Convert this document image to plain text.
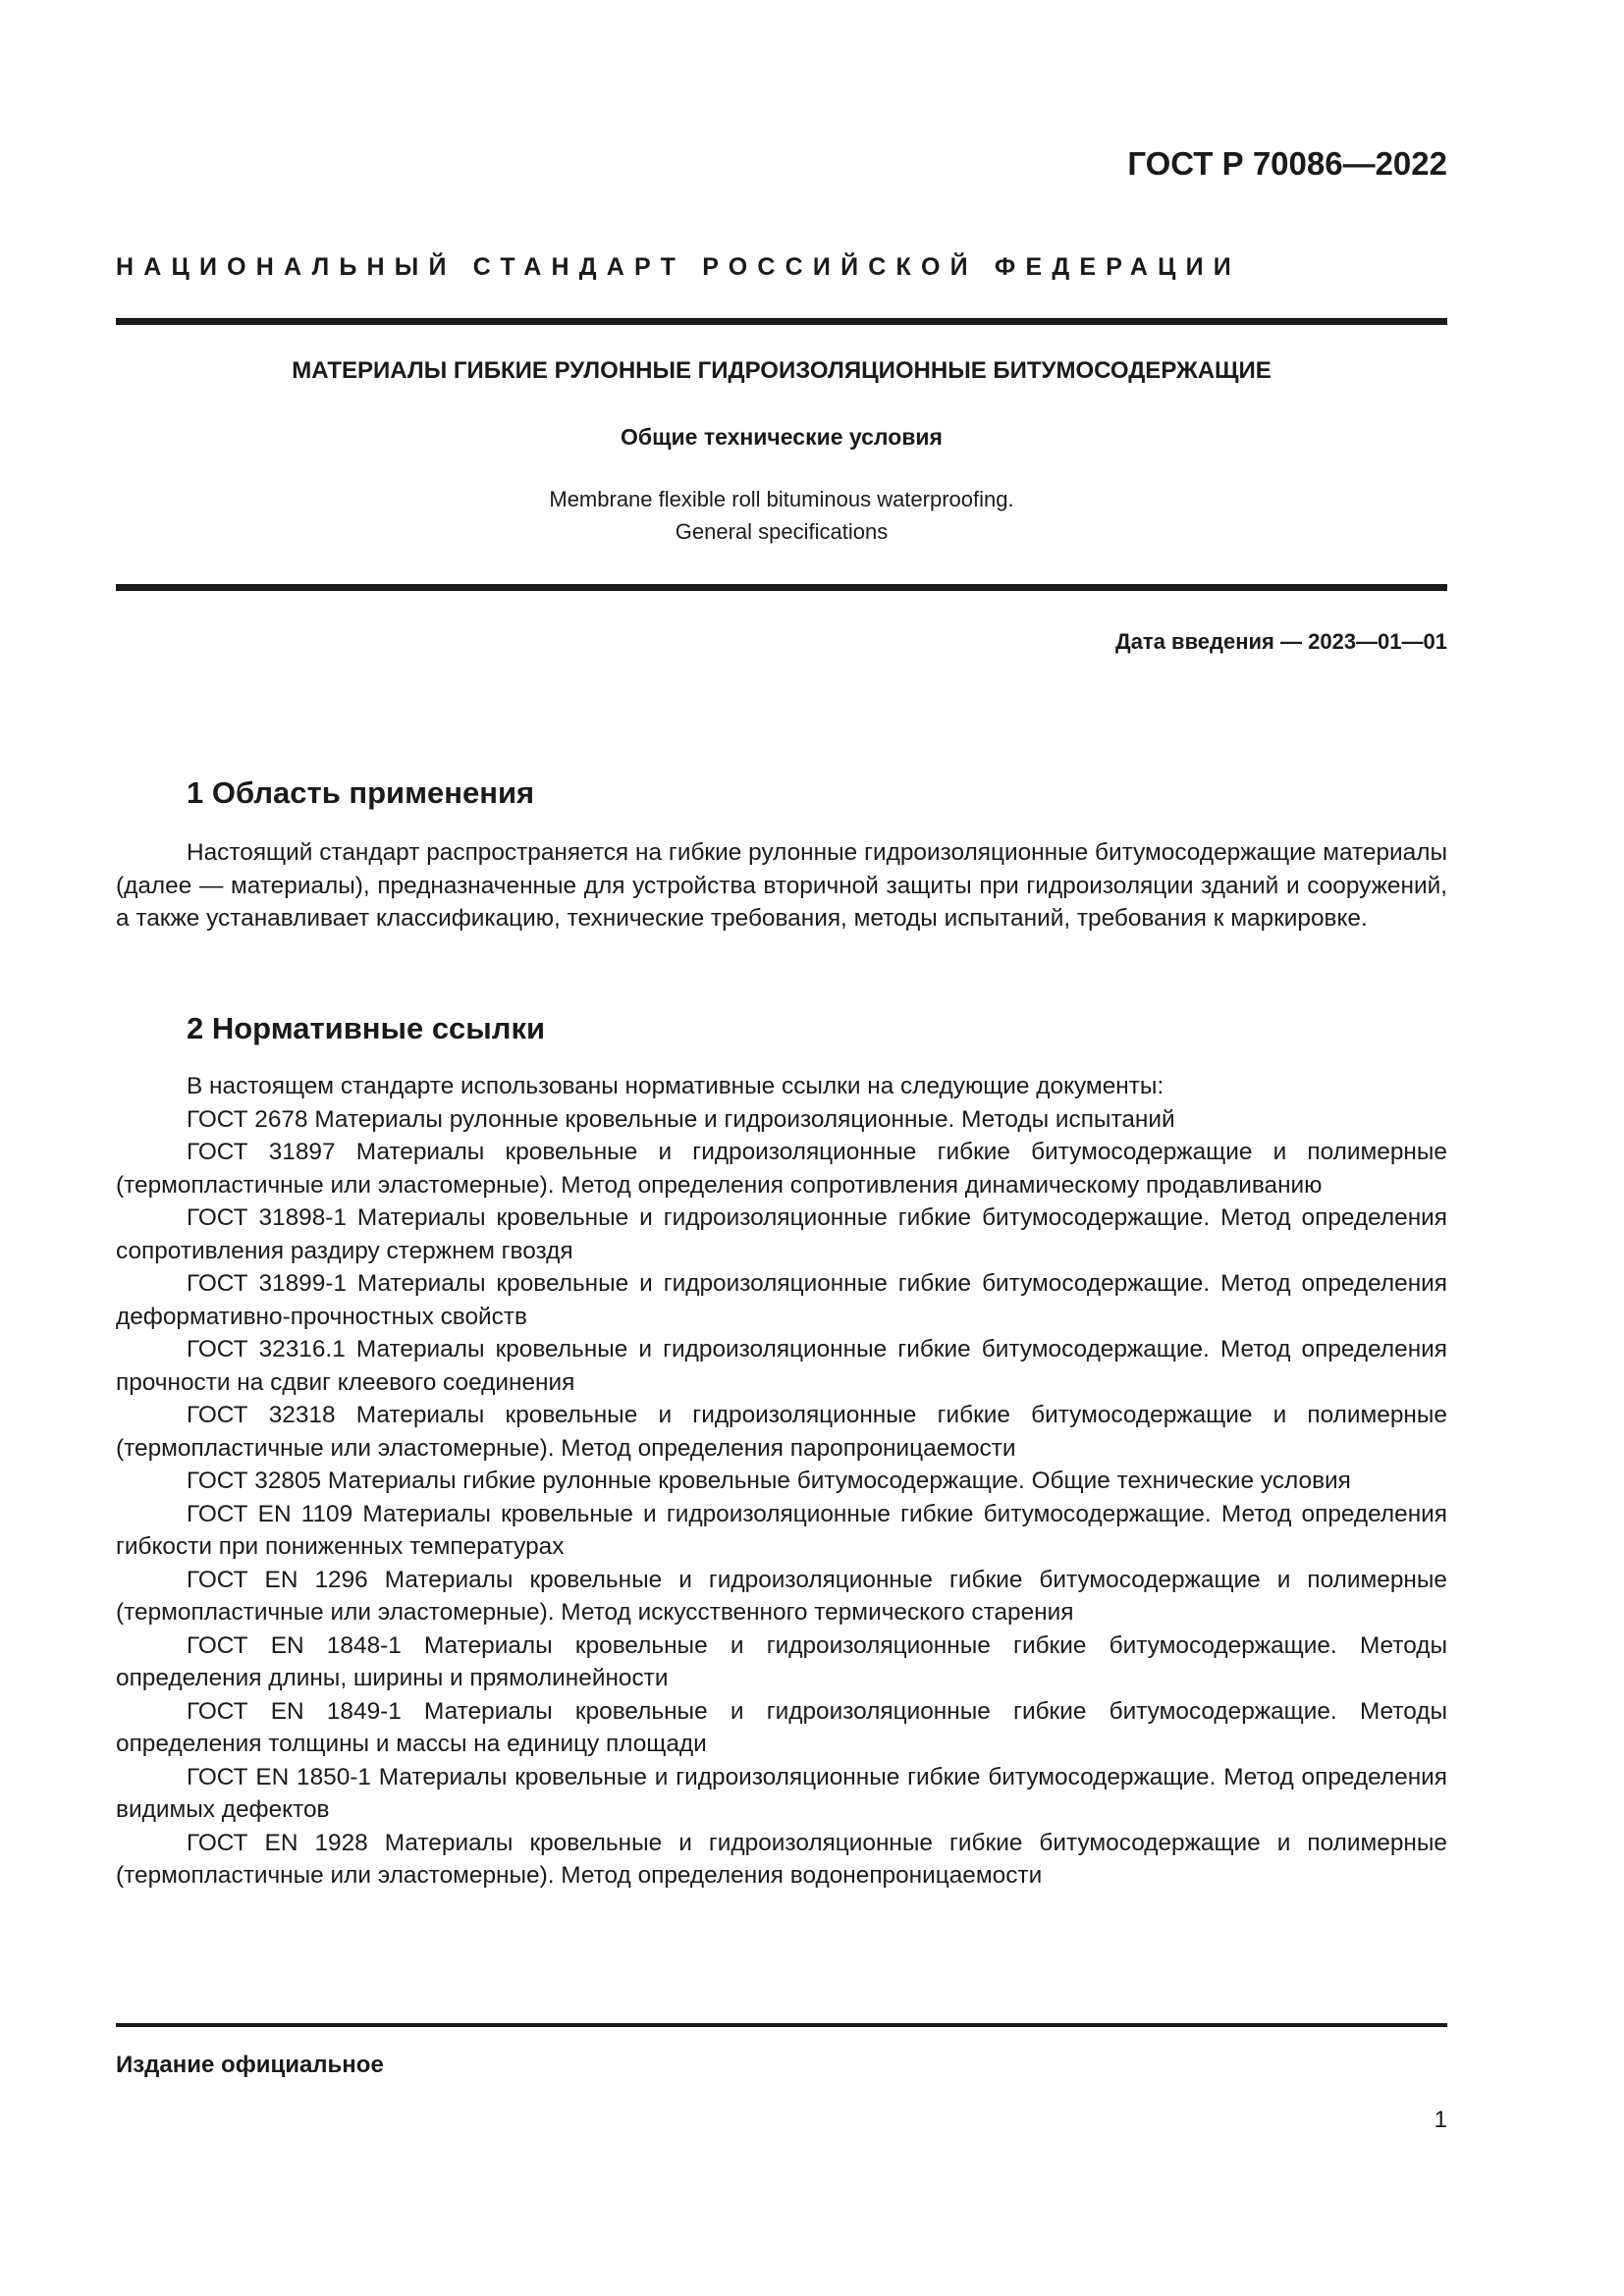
ГОСТ Р 70086—2022
НАЦИОНАЛЬНЫЙ СТАНДАРТ РОССИЙСКОЙ ФЕДЕРАЦИИ
МАТЕРИАЛЫ ГИБКИЕ РУЛОННЫЕ ГИДРОИЗОЛЯЦИОННЫЕ БИТУМОСОДЕРЖАЩИЕ
Общие технические условия
Membrane flexible roll bituminous waterproofing.
General specifications
Дата введения — 2023—01—01
1 Область применения

Настоящий стандарт распространяется на гибкие рулонные гидроизоляционные битумосодержащие материалы (далее — материалы), предназначенные для устройства вторичной защиты при гидроизоляции зданий и сооружений, а также устанавливает классификацию, технические требования, методы испытаний, требования к маркировке.

2 Нормативные ссылки

В настоящем стандарте использованы нормативные ссылки на следующие документы:

ГОСТ 2678 Материалы рулонные кровельные и гидроизоляционные. Методы испытаний

ГОСТ 31897 Материалы кровельные и гидроизоляционные гибкие битумосодержащие и полимерные (термопластичные или эластомерные). Метод определения сопротивления динамическому продавливанию

ГОСТ 31898-1 Материалы кровельные и гидроизоляционные гибкие битумосодержащие. Метод определения сопротивления раздиру стержнем гвоздя

ГОСТ 31899-1 Материалы кровельные и гидроизоляционные гибкие битумосодержащие. Метод определения деформативно-прочностных свойств

ГОСТ 32316.1 Материалы кровельные и гидроизоляционные гибкие битумосодержащие. Метод определения прочности на сдвиг клеевого соединения

ГОСТ 32318 Материалы кровельные и гидроизоляционные гибкие битумосодержащие и полимерные (термопластичные или эластомерные). Метод определения паропроницаемости

ГОСТ 32805 Материалы гибкие рулонные кровельные битумосодержащие. Общие технические условия

ГОСТ EN 1109 Материалы кровельные и гидроизоляционные гибкие битумосодержащие. Метод определения гибкости при пониженных температурах

ГОСТ EN 1296 Материалы кровельные и гидроизоляционные гибкие битумосодержащие и полимерные (термопластичные или эластомерные). Метод искусственного термического старения

ГОСТ EN 1848-1 Материалы кровельные и гидроизоляционные гибкие битумосодержащие. Методы определения длины, ширины и прямолинейности

ГОСТ EN 1849-1 Материалы кровельные и гидроизоляционные гибкие битумосодержащие. Методы определения толщины и массы на единицу площади

ГОСТ EN 1850-1 Материалы кровельные и гидроизоляционные гибкие битумосодержащие. Метод определения видимых дефектов

ГОСТ EN 1928 Материалы кровельные и гидроизоляционные гибкие битумосодержащие и полимерные (термопластичные или эластомерные). Метод определения водонепроницаемости

Издание официальное
1
